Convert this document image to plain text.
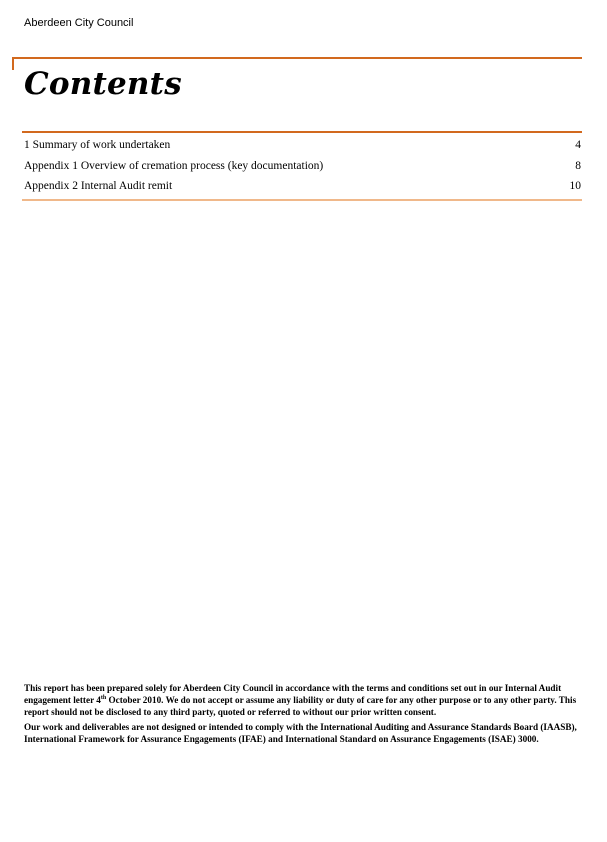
Aberdeen City Council
Contents
1 Summary of work undertaken	4
Appendix 1 Overview of cremation process (key documentation)	8
Appendix 2 Internal Audit remit	10

This report has been prepared solely for Aberdeen City Council in accordance with the terms and conditions set out in our Internal Audit engagement letter 4th October 2010. We do not accept or assume any liability or duty of care for any other purpose or to any other party. This report should not be disclosed to any third party, quoted or referred to without our prior written consent.

Our work and deliverables are not designed or intended to comply with the International Auditing and Assurance Standards Board (IAASB), International Framework for Assurance Engagements (IFAE) and International Standard on Assurance Engagements (ISAE) 3000.
